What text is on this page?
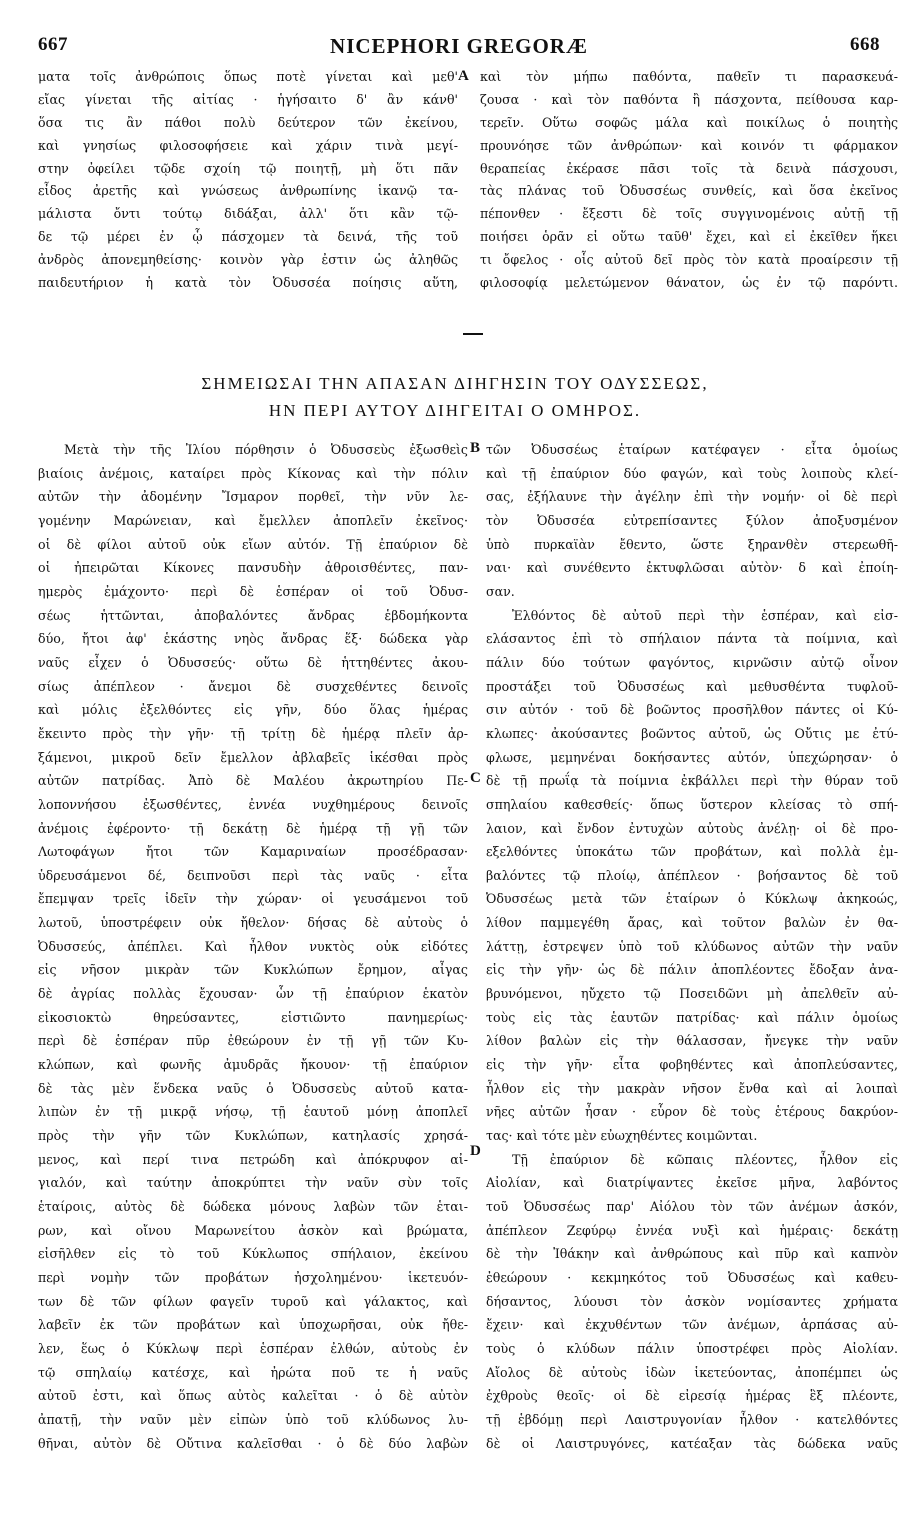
667	NICEPHORI GREGORÆ	668
ματα τοῖς ἀνθρώποις ὅπως ποτὲ γίνεται καὶ μεθ'
εἴας γίνεται τῆς αἰτίας · ἡγήσαιτο δ' ἂν κάνθ'
ὅσα τις ἂν πάθοι πολὺ δεύτερον τῶν ἐκείνου,
καὶ γνησίως φιλοσοφήσειε καὶ χάριν τινὰ μεγί-
στην ὀφείλει τῷδε σχοίη τῷ ποιητῇ, μὴ ὅτι πᾶν
εἶδος ἀρετῆς καὶ γνώσεως ἀνθρωπίνης ἱκανῷ τα-
μάλιστα ὄντι τούτῳ διδάξαι, ἀλλ' ὅτι κἂν τῷ-
δε τῷ μέρει ἐν ᾧ πάσχομεν τὰ δεινά, τῆς τοῦ
ἀνδρὸς ἀπονεμηθείσης· κοινὸν γὰρ ἐστιν ὡς ἀληθῶς
παιδευτήριον ἡ κατὰ τὸν Ὀδυσσέα ποίησις αὕτη,
A καὶ τὸν μήπω παθόντα, παθεῖν τι παρασκευά-
ζουσα · καὶ τὸν παθόντα ἢ πάσχοντα, πείθουσα καρ-
τερεῖν. Οὕτω σοφῶς μάλα καὶ ποικίλως ὁ ποιητὴς
προυνόησε τῶν ἀνθρώπων· καὶ κοινόν τι φάρμακον
θεραπείας ἐκέρασε πᾶσι τοῖς τὰ δεινὰ πάσχουσι,
τὰς πλάνας τοῦ Ὀδυσσέως συνθείς, καὶ ὅσα ἐκεῖνος
πέπονθεν · ἔξεστι δὲ τοῖς συγγινομένοις αὐτῇ τῇ
ποιήσει ὁρᾶν εἰ οὕτω ταῦθ' ἔχει, καὶ εἰ ἐκεῖθεν ἥκει
τι ὄφελος · οἷς αὐτοῦ δεῖ πρὸς τὸν κατὰ προαίρεσιν τῇ
φιλοσοφίᾳ μελετώμενον θάνατον, ὡς ἐν τῷ παρόντι.
ΣΗΜΕΙΩΣΑΙ ΤΗΝ ΑΠΑΣΑΝ ΔΙΗΓΗΣΙΝ ΤΟΥ ΟΔΥΣΣΕΩΣ,
ΗΝ ΠΕΡΙ ΑΥΤΟΥ ΔΙΗΓΕΙΤΑΙ Ο ΟΜΗΡΟΣ.
Μετὰ τὴν τῆς Ἰλίου πόρθησιν ὁ Ὀδυσσεὺς ἐξωσθεὶς
βιαίοις ἀνέμοις, καταίρει πρὸς Κίκονας καὶ τὴν πόλιν
αὐτῶν τὴν ἀδομένην Ἴσμαρον πορθεῖ, τὴν νῦν λε-
γομένην Μαρώνειαν, καὶ ἔμελλεν ἀποπλεῖν ἐκεῖνος·
οἱ δὲ φίλοι αὐτοῦ οὐκ εἴων αὐτόν. Τῇ ἐπαύριον δὲ
οἱ ἠπειρῶται Κίκονες πανσυδὴν ἀθροισθέντες, παν-
ημερὸς ἐμάχοντο· περὶ δὲ ἑσπέραν οἱ τοῦ Ὀδυσ-
σέως ἡττῶνται, ἀποβαλόντες ἄνδρας ἑβδομήκοντα
δύο, ἤτοι ἀφ' ἑκάστης νηὸς ἄνδρας ἕξ· δώδεκα γὰρ
ναῦς εἶχεν ὁ Ὀδυσσεύς· οὕτω δὲ ἡττηθέντες ἀκου-
σίως ἀπέπλεον · ἄνεμοι δὲ συσχεθέντες δεινοῖς
καὶ μόλις ἐξελθόντες εἰς γῆν, δύο ὅλας ἡμέρας
ἔκειντο πρὸς τὴν γῆν· τῇ τρίτῃ δὲ ἡμέρᾳ πλεῖν ἀρ-
ξάμενοι, μικροῦ δεῖν ἔμελλον ἀβλαβεῖς ἱκέσθαι πρὸς
αὐτῶν πατρίδας. Ἀπὸ δὲ Μαλέου ἀκρωτηρίου Πε-
λοποννήσου ἐξωσθέντες, ἐννέα νυχθημέρους δεινοῖς
ἀνέμοις ἐφέροντο· τῇ δεκάτῃ δὲ ἡμέρᾳ τῇ γῇ τῶν
Λωτοφάγων ἤτοι τῶν Καμαριναίων προσέδρασαν·
ὑδρευσάμενοι δέ, δειπνοῦσι περὶ τὰς ναῦς · εἶτα
ἔπεμψαν τρεῖς ἰδεῖν τὴν χώραν· οἱ γευσάμενοι τοῦ
λωτοῦ, ὑποστρέφειν οὐκ ἤθελον· δήσας δὲ αὐτοὺς ὁ
Ὀδυσσεύς, ἀπέπλει. Καὶ ἦλθον νυκτὸς οὐκ εἰδότες
εἰς νῆσον μικρὰν τῶν Κυκλώπων ἔρημον, αἶγας
δὲ ἀγρίας πολλὰς ἔχουσαν· ὧν τῇ ἐπαύριον ἑκατὸν
εἰκοσιοκτὼ θηρεύσαντες, εἱστιῶντο πανημερίως·
περὶ δὲ ἑσπέραν πῦρ ἐθεώρουν ἐν τῇ γῇ τῶν Κυ-
κλώπων, καὶ φωνῆς ἀμυδρᾶς ἤκουον· τῇ ἐπαύριον
δὲ τὰς μὲν ἕνδεκα ναῦς ὁ Ὀδυσσεὺς αὐτοῦ κατα-
λιπὼν ἐν τῇ μικρᾷ νήσῳ, τῇ ἑαυτοῦ μόνῃ ἀποπλεῖ
πρὸς τὴν γῆν τῶν Κυκλώπων, κατηλασίς χρησά-
μενος, καὶ περί τινα πετρώδη καὶ ἀπόκρυφον αἰ-
γιαλόν, καὶ ταύτην ἀποκρύπτει τὴν ναῦν σὺν τοῖς
ἑταίροις, αὐτὸς δὲ δώδεκα μόνους λαβὼν τῶν ἑται-
ρων, καὶ οἴνου Μαρωνείτου ἀσκὸν καὶ βρώματα,
εἰσῆλθεν εἰς τὸ τοῦ Κύκλωπος σπήλαιον, ἐκείνου
περὶ νομὴν τῶν προβάτων ἠσχολημένου· ἱκετευόν-
των δὲ τῶν φίλων φαγεῖν τυροῦ καὶ γάλακτος, καὶ
λαβεῖν ἐκ τῶν προβάτων καὶ ὑποχωρῆσαι, οὐκ ἤθε-
λεν, ἕως ὁ Κύκλωψ περὶ ἑσπέραν ἐλθών, αὐτοὺς ἐν
τῷ σπηλαίῳ κατέσχε, καὶ ἠρώτα ποῦ τε ἡ ναῦς
αὐτοῦ ἐστι, καὶ ὅπως αὐτὸς καλεῖται · ὁ δὲ αὐτὸν
ἀπατῇ, τὴν ναῦν μὲν εἰπὼν ὑπὸ τοῦ κλύδωνος λυ-
θῆναι, αὐτὸν δὲ Οὔτινα καλεῖσθαι · ὁ δὲ δύο λαβὼν
B
C
D
τῶν Ὀδυσσέως ἑταίρων κατέφαγεν · εἶτα ὁμοίως
καὶ τῇ ἐπαύριον δύο φαγών, καὶ τοὺς λοιποὺς κλεί-
σας, ἐξήλαυνε τὴν ἀγέλην ἐπὶ τὴν νομήν· οἱ δὲ περὶ
τὸν Ὀδυσσέα εὐτρεπίσαντες ξύλον ἀποξυσμένον
ὑπὸ πυρκαϊὰν ἔθεντο, ὥστε ξηρανθὲν στερεωθῆ-
ναι· καὶ συνέθεντο ἐκτυφλῶσαι αὐτὸν· δ καὶ ἐποίη-
σαν.
Ἐλθόντος δὲ αὐτοῦ περὶ τὴν ἑσπέραν, καὶ εἰσ-
ελάσαντος ἐπὶ τὸ σπήλαιον πάντα τὰ ποίμνια, καὶ
πάλιν δύο τούτων φαγόντος, κιρνῶσιν αὐτῷ οἶνον
προστάξει τοῦ Ὀδυσσέως καὶ μεθυσθέντα τυφλοῦ-
σιν αὐτόν · τοῦ δὲ βοῶντος προσῆλθον πάντες οἱ Κύ-
κλωπες· ἀκούσαντες βοῶντος αὐτοῦ, ὡς Οὔτις με ἐτύ-
φλωσε, μεμηνέναι δοκήσαντες αὐτόν, ὑπεχώρησαν· ὁ
δὲ τῇ πρωΐᾳ τὰ ποίμνια ἐκβάλλει περὶ τὴν θύραν τοῦ
σπηλαίου καθεσθείς· ὅπως ὕστερον κλείσας τὸ σπή-
λαιον, καὶ ἔνδον ἐντυχὼν αὐτοὺς ἀνέλῃ· οἱ δὲ προ-
εξελθόντες ὑποκάτω τῶν προβάτων, καὶ πολλὰ ἐμ-
βαλόντες τῷ πλοίῳ, ἀπέπλεον · βοήσαντος δὲ τοῦ
Ὀδυσσέως μετὰ τῶν ἑταίρων ὁ Κύκλωψ ἀκηκοώς,
λίθον παμμεγέθη ἄρας, καὶ τοῦτον βαλὼν ἐν θα-
λάττῃ, ἐστρεψεν ὑπὸ τοῦ κλύδωνος αὐτῶν τὴν ναῦν
εἰς τὴν γῆν· ὡς δὲ πάλιν ἀποπλέοντες ἔδοξαν ἀνα-
βρυνόμενοι, ηὔχετο τῷ Ποσειδῶνι μὴ ἀπελθεῖν αὐ-
τοὺς εἰς τὰς ἑαυτῶν πατρίδας· καὶ πάλιν ὁμοίως
λίθον βαλὼν εἰς τὴν θάλασσαν, ἤνεγκε τὴν ναῦν
εἰς τὴν γῆν· εἶτα φοβηθέντες καὶ ἀποπλεύσαντες,
ἦλθον εἰς τὴν μακρὰν νῆσον ἔνθα καὶ αἱ λοιπαὶ
νῆες αὐτῶν ἦσαν · εὗρον δὲ τοὺς ἑτέρους δακρύον-
τας· καὶ τότε μὲν εὐωχηθέντες κοιμῶνται.
Τῇ ἐπαύριον δὲ κῶπαις πλέοντες, ἦλθον εἰς
Αἰολίαν, καὶ διατρίψαντες ἐκεῖσε μῆνα, λαβόντος
τοῦ Ὀδυσσέως παρ' Αἰόλου τὸν τῶν ἀνέμων ἀσκόν,
ἀπέπλεον Ζεφύρῳ ἐννέα νυξὶ καὶ ἡμέραις· δεκάτῃ
δὲ τὴν Ἰθάκην καὶ ἀνθρώπους καὶ πῦρ καὶ καπνὸν
ἐθεώρουν · κεκμηκότος τοῦ Ὀδυσσέως καὶ καθευ-
δήσαντος, λύουσι τὸν ἀσκὸν νομίσαντες χρήματα
ἔχειν· καὶ ἐκχυθέντων τῶν ἀνέμων, ἁρπάσας αὐ-
τοὺς ὁ κλύδων πάλιν ὑποστρέφει πρὸς Αἰολίαν.
Αἴολος δὲ αὐτοὺς ἰδὼν ἱκετεύοντας, ἀποπέμπει ὡς
ἐχθροὺς θεοῖς· οἱ δὲ εἰρεσίᾳ ἡμέρας ἓξ πλέοντε,
τῇ ἑβδόμῃ περὶ Λαιστρυγονίαν ἦλθον · κατελθόντες
δὲ οἱ Λαιστρυγόνες, κατέαξαν τὰς δώδεκα ναῦς
